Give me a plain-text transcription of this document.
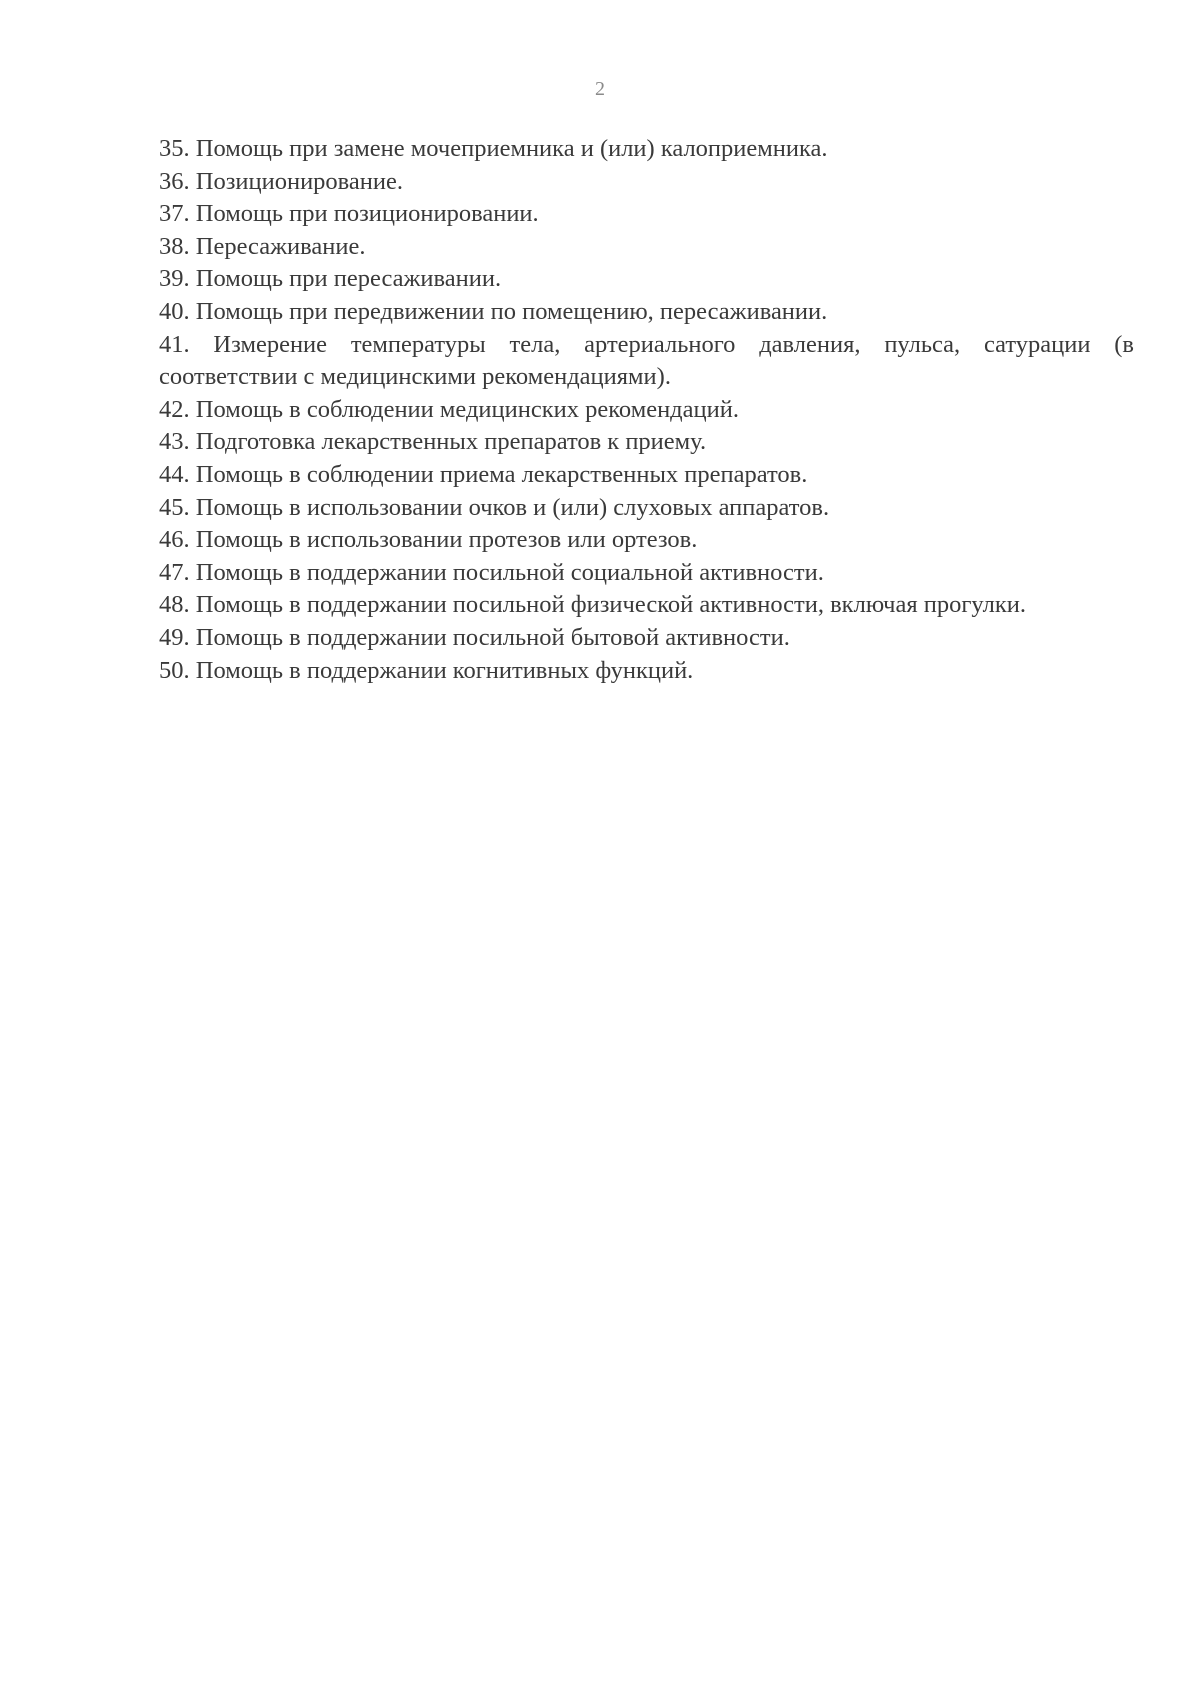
2
35. Помощь при замене мочеприемника и (или) калоприемника.
36. Позиционирование.
37. Помощь при позиционировании.
38. Пересаживание.
39. Помощь при пересаживании.
40. Помощь при передвижении по помещению, пересаживании.
41. Измерение температуры тела, артериального давления, пульса, сатурации (в соответствии с медицинскими рекомендациями).
42. Помощь в соблюдении медицинских рекомендаций.
43. Подготовка лекарственных препаратов к приему.
44. Помощь в соблюдении приема лекарственных препаратов.
45. Помощь в использовании очков и (или) слуховых аппаратов.
46. Помощь в использовании протезов или ортезов.
47. Помощь в поддержании посильной социальной активности.
48. Помощь в поддержании посильной физической активности, включая прогулки.
49. Помощь в поддержании посильной бытовой активности.
50. Помощь в поддержании когнитивных функций.
